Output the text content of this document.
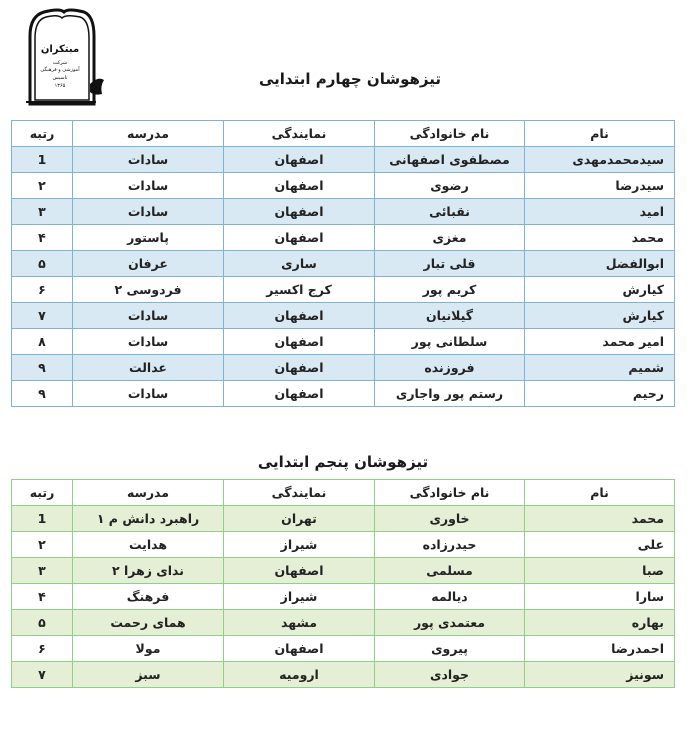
مبتکران
شرکت
آموزشی و فرهنگی
تاسیس
۱۳۶۵	تیزهوشان چهارم ابتدایی
نام	نام خانوادگی	نمایندگی	مدرسه	رتبه
سیدمحمدمهدی	مصطفوی اصفهانی	اصفهان	سادات	1
سیدرضا	رضوی	اصفهان	سادات	۲
امید	نقبائی	اصفهان	سادات	۳
محمد	مغزی	اصفهان	پاستور	۴
ابوالفضل	قلی تبار	ساری	عرفان	۵
کیارش	کریم پور	کرج اکسیر	فردوسی ۲	۶
کیارش	گیلانیان	اصفهان	سادات	۷
امیر محمد	سلطانی پور	اصفهان	سادات	۸
شمیم	فروزنده	اصفهان	عدالت	۹
رحیم	رستم پور واجاری	اصفهان	سادات	۹
تیزهوشان پنجم ابتدایی
نام	نام خانوادگی	نمایندگی	مدرسه	رتبه
محمد	خاوری	تهران	راهبرد دانش م ۱	1
علی	حیدرزاده	شیراز	هدایت	۲
صبا	مسلمی	اصفهان	ندای زهرا ۲	۳
سارا	دیالمه	شیراز	فرهنگ	۴
بهاره	معتمدی پور	مشهد	همای رحمت	۵
احمدرضا	پیروی	اصفهان	مولا	۶
سونیز	جوادی	ارومیه	سبز	۷
